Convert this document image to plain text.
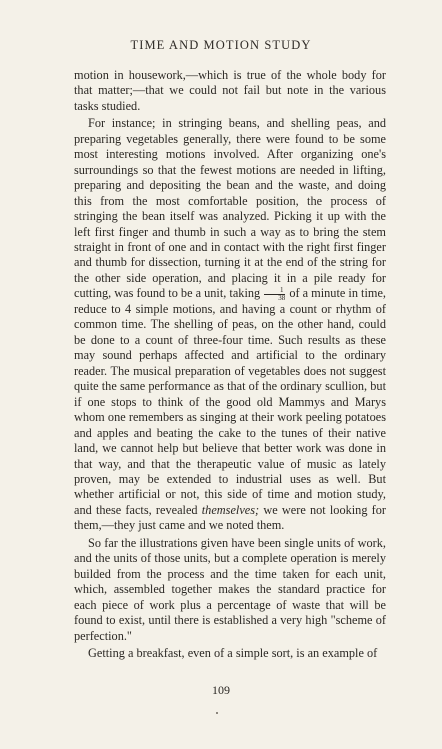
TIME AND MOTION STUDY

motion in housework,—which is true of the whole body for that matter;—that we could not fail but note in the various tasks studied.

For instance; in stringing beans, and shelling peas, and preparing vegetables generally, there were found to be some most interesting motions involved. After organizing one's surroundings so that the fewest motions are needed in lifting, preparing and depositing the bean and the waste, and doing this from the most comfortable position, the process of stringing the bean itself was analyzed. Picking it up with the left first finger and thumb in such a way as to bring the stem straight in front of one and in contact with the right first finger and thumb for dissection, turning it at the end of the string for the other side operation, and placing it in a pile ready for cutting, was found to be a unit, taking $\frac{1}{38}$ of a minute in time, reduce to 4 simple motions, and having a count or rhythm of common time. The shelling of peas, on the other hand, could be done to a count of three-four time. Such results as these may sound perhaps affected and artificial to the ordinary reader. The musical preparation of vegetables does not suggest quite the same performance as that of the ordinary scullion, but if one stops to think of the good old Mammys and Marys whom one remembers as singing at their work peeling potatoes and apples and beating the cake to the tunes of their native land, we cannot help but believe that better work was done in that way, and that the therapeutic value of music as lately proven, may be extended to industrial uses as well. But whether artificial or not, this side of time and motion study, and these facts, revealed themselves; we were not looking for them,—they just came and we noted them.

So far the illustrations given have been single units of work, and the units of those units, but a complete operation is merely builded from the process and the time taken for each unit, which, assembled together makes the standard practice for each piece of work plus a percentage of waste that will be found to exist, until there is established a very high "scheme of perfection."

Getting a breakfast, even of a simple sort, is an example of

109
